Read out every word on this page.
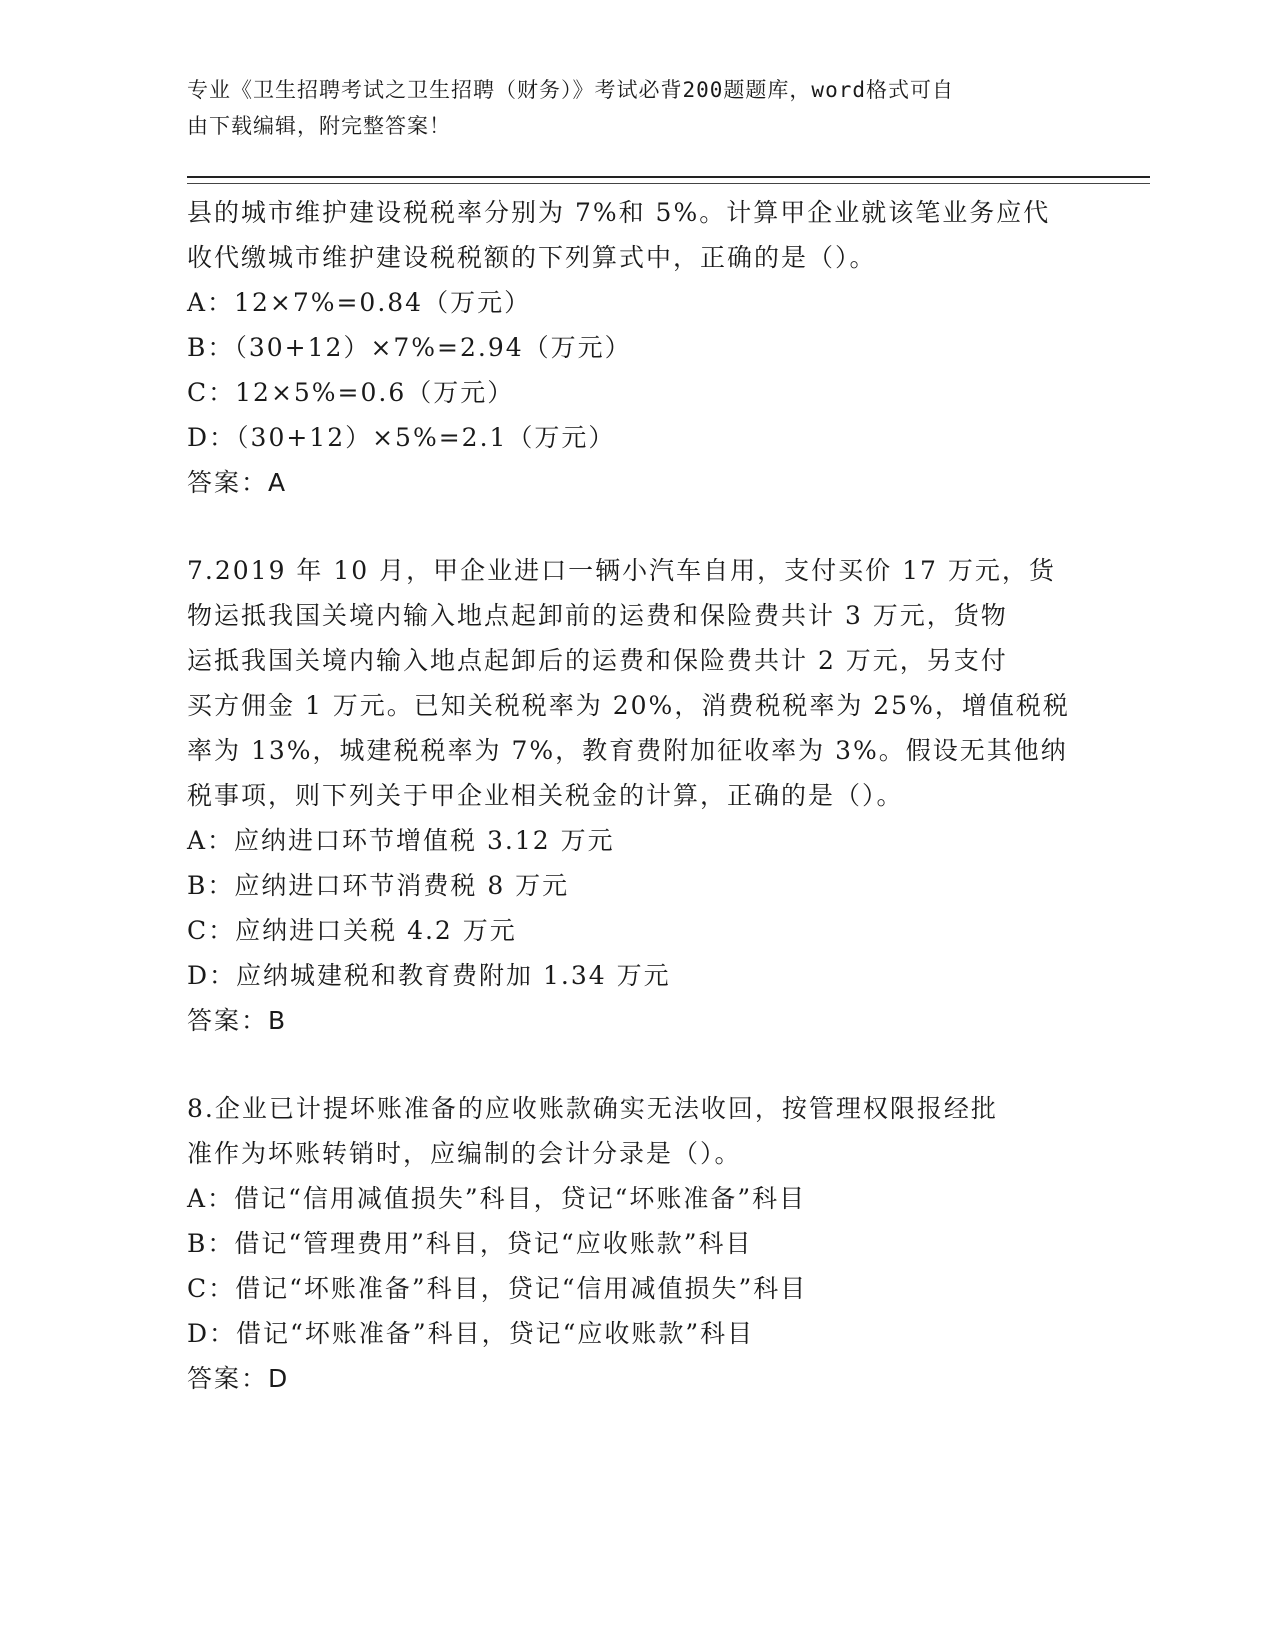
专业《卫生招聘考试之卫生招聘（财务）》考试必背200题题库，word格式可自
由下载编辑，附完整答案！
县的城市维护建设税税率分别为 7%和 5%。计算甲企业就该笔业务应代
收代缴城市维护建设税税额的下列算式中，正确的是（）。
A：12×7%=0.84（万元）
B：（30+12）×7%=2.94（万元）
C：12×5%=0.6（万元）
D：（30+12）×5%=2.1（万元）
答案：A
7.2019 年 10 月，甲企业进口一辆小汽车自用，支付买价 17 万元，货
物运抵我国关境内输入地点起卸前的运费和保险费共计 3 万元，货物
运抵我国关境内输入地点起卸后的运费和保险费共计 2 万元，另支付
买方佣金 1 万元。已知关税税率为 20%，消费税税率为 25%，增值税税
率为 13%，城建税税率为 7%，教育费附加征收率为 3%。假设无其他纳
税事项，则下列关于甲企业相关税金的计算，正确的是（）。
A：应纳进口环节增值税 3.12 万元
B：应纳进口环节消费税 8 万元
C：应纳进口关税 4.2 万元
D：应纳城建税和教育费附加 1.34 万元
答案：B
8.企业已计提坏账准备的应收账款确实无法收回，按管理权限报经批
准作为坏账转销时，应编制的会计分录是（）。
A：借记“信用减值损失”科目，贷记“坏账准备”科目
B：借记“管理费用”科目，贷记“应收账款”科目
C：借记“坏账准备”科目，贷记“信用减值损失”科目
D：借记“坏账准备”科目，贷记“应收账款”科目
答案：D
